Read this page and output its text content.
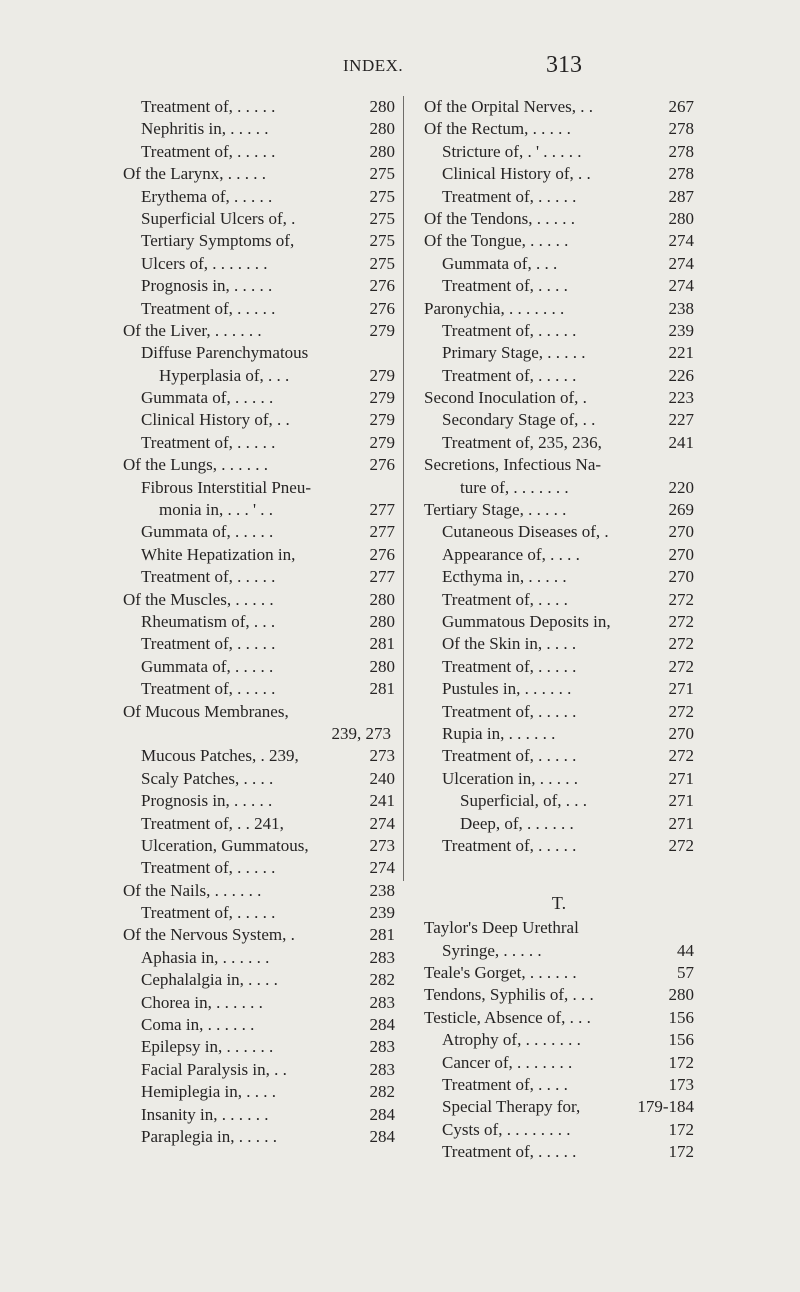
INDEX.	313
Treatment of, . . . . .	280
Nephritis in, . . . . .	280
Treatment of, . . . . .	280
Of the Larynx, . . . . .	275
Erythema of, . . . . .	275
Superficial Ulcers of, .	275
Tertiary Symptoms of,	275
Ulcers of, . . . . . . .	275
Prognosis in, . . . . .	276
Treatment of, . . . . .	276
Of the Liver, . . . . . .	279
Diffuse Parenchymatous
Hyperplasia of, . . .	279
Gummata of, . . . . .	279
Clinical History of, . .	279
Treatment of, . . . . .	279
Of the Lungs, . . . . . .	276
Fibrous Interstitial Pneu-
monia in, . . . ' . .	277
Gummata of, . . . . .	277
White Hepatization in,	276
Treatment of, . . . . .	277
Of the Muscles, . . . . .	280
Rheumatism of, . . .	280
Treatment of, . . . . .	281
Gummata of, . . . . .	280
Treatment of, . . . . .	281
Of Mucous Membranes,
239, 273
Mucous Patches, . 239,	273
Scaly Patches, . . . .	240
Prognosis in, . . . . .	241
Treatment of, . . 241,	274
Ulceration, Gummatous,	273
Treatment of, . . . . .	274
Of the Nails, . . . . . .	238
Treatment of, . . . . .	239
Of the Nervous System, .	281
Aphasia in, . . . . . .	283
Cephalalgia in, . . . .	282
Chorea in, . . . . . .	283
Coma in, . . . . . .	284
Epilepsy in, . . . . . .	283
Facial Paralysis in, . .	283
Hemiplegia in, . . . .	282
Insanity in, . . . . . .	284
Paraplegia in, . . . . .	284
Of the Orpital Nerves, . .	267
Of the Rectum, . . . . .	278
Stricture of, . ' . . . . .	278
Clinical History of, . .	278
Treatment of, . . . . .	287
Of the Tendons, . . . . .	280
Of the Tongue, . . . . .	274
Gummata of, . . .	274
Treatment of, . . . .	274
Paronychia, . . . . . . .	238
Treatment of, . . . . .	239
Primary Stage, . . . . .	221
Treatment of, . . . . .	226
Second Inoculation of, .	223
Secondary Stage of, . .	227
Treatment of, 235, 236,	241
Secretions, Infectious Na-
ture of, . . . . . . .	220
Tertiary Stage, . . . . .	269
Cutaneous Diseases of, .	270
Appearance of, . . . .	270
Ecthyma in, . . . . .	270
Treatment of, . . . .	272
Gummatous Deposits in,	272
Of the Skin in, . . . .	272
Treatment of, . . . . .	272
Pustules in, . . . . . .	271
Treatment of, . . . . .	272
Rupia in, . . . . . .	270
Treatment of, . . . . .	272
Ulceration in, . . . . .	271
Superficial, of, . . .	271
Deep, of, . . . . . .	271
Treatment of, . . . . .	272
T.
Taylor's Deep Urethral
Syringe, . . . . .	44
Teale's Gorget, . . . . . .	57
Tendons, Syphilis of, . . .	280
Testicle, Absence of, . . .	156
Atrophy of, . . . . . . .	156
Cancer of, . . . . . . .	172
Treatment of, . . . .	173
Special Therapy for,	179-184
Cysts of, . . . . . . . .	172
Treatment of, . . . . .	172
